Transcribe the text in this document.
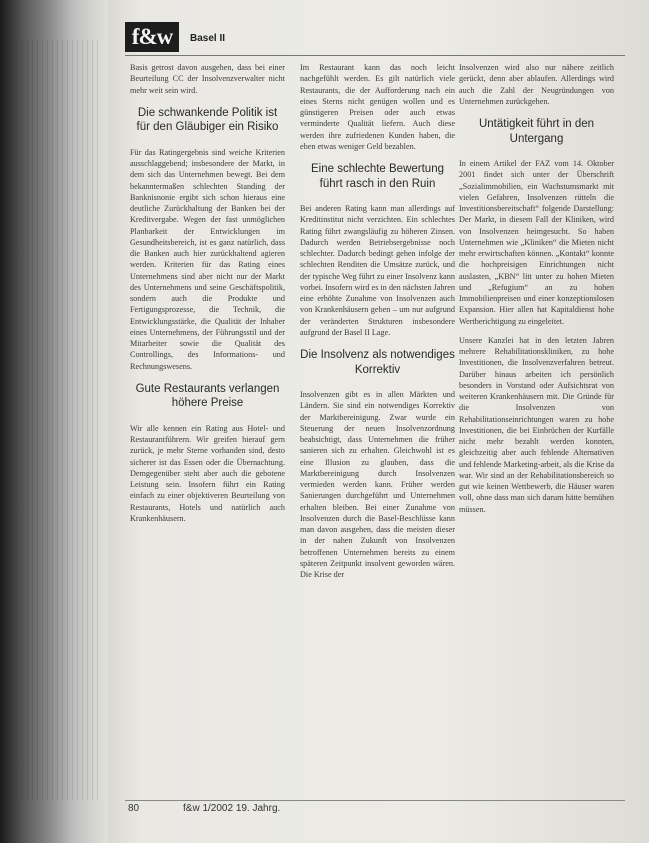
f&w	Basel II

Basis getrost davon ausgehen, dass bei einer Beurteilung CC der Insolvenzverwalter nicht mehr weit sein wird.

Die schwankende Politik ist für den Gläubiger ein Risiko

Für das Ratingergebnis sind weiche Kriterien ausschlaggebend; insbesondere der Markt, in dem sich das Unternehmen bewegt. Bei dem bekanntermaßen schlechten Standing der Banknisnonie ergibt sich schon hieraus eine deutliche Zurückhaltung der Banken bei der Kreditvergabe. Wegen der fast unmöglichen Planbarkeit der Entwicklungen im Gesundheitsbereich, ist es ganz natürlich, dass die Banken auch hier zurückhaltend agieren werden. Kriterien für das Rating eines Unternehmens sind aber nicht nur der Markt des Unternehmens und seine Geschäftspolitik, sondern auch die Produkte und Fertigungsprozesse, die Technik, die Entwicklungsstärke, die Qualität der Inhaber eines Unternehmens, der Führungsstil und der Mitarbeiter sowie die Qualität des Controllings, des Informations- und Rechnungswesens.

Gute Restaurants verlangen höhere Preise

Wir alle kennen ein Rating aus Hotel- und Restaurantführern. Wir greifen hierauf gern zurück, je mehr Sterne vorhanden sind, desto sicherer ist das Essen oder die Übernachtung. Demgegenüber steht aber auch die gebotene Leistung sein. Insofern führt ein Rating einfach zu einer objektiveren Beurteilung von Restaurants, Hotels und natürlich auch Krankenhäusern.

Im Restaurant kann das noch leicht nachgefühlt werden. Es gilt natürlich viele Restaurants, die der Aufforderung nach ein eines Sterns nicht genügen wollen und es günstigeren Preisen oder auch etwas verminderte Qualität liefern. Auch diese werden ihre zufriedenen Kunden haben, die eben etwas weniger Geld bezahlen.

Eine schlechte Bewertung führt rasch in den Ruin

Bei anderen Rating kann man allerdings auf Kreditinstitut nicht verzichten. Ein schlechtes Rating führt zwangsläufig zu höheren Zinsen. Dadurch werden Betriebsergebnisse noch schlechter. Dadurch bedingt gehen infolge der schlechten Renditen die Umsätze zurück, und der typische Weg führt zu einer Insolvenz kann vorbei. Insofern wird es in den nächsten Jahren eine erhöhte Zunahme von Insolvenzen auch von Krankenhäusern geben – um nur aufgrund der veränderten Strukturen insbesondere aufgrund der Basel II Lage.

Die Insolvenz als notwendiges Korrektiv

Insolvenzen gibt es in allen Märkten und Ländern. Sie sind ein notwendiges Korrektiv der Marktbereinigung. Zwar wurde ein Steuerung der neuen Insolvenzordnung beabsichtigt, dass Unternehmen die früher sanieren sich zu erhalten. Gleichwohl ist es eine Illusion zu glauben, dass die Marktbereinigung durch Insolvenzen vermieden werden kann. Früher werden Sanierungen durchgeführt und Unternehmen erhalten bleiben. Bei einer Zunahme von Insolvenzen durch die Basel-Beschlüsse kann man davon ausgehen, dass die meisten dieser in der nahen Zukunft von Insolvenzen betroffenen Unternehmen bereits zu einem späteren Zeitpunkt insolvent geworden wären. Die Krise der

Insolvenzen wird also nur nähere zeitlich gerückt, denn aber ablaufen. Allerdings wird auch die Zahl der Neugründungen von Unternehmen zurückgehen.

Untätigkeit führt in den Untergang

In einem Artikel der FAZ vom 14. Oktober 2001 findet sich unter der Überschrift „Sozialimmobilien, ein Wachstumsmarkt mit vielen Gefahren, Insolvenzen rütteln die Investitionsbereitschaft“ folgende Darstellung: Der Markt, in diesem Fall der Kliniken, wird von Insolvenzen heimgesucht. So haben Unternehmen wie „Kliniken“ die Mieten nicht mehr erwirtschaften können. „Kontakt“ konnte die hochpreisigen Einrichtungen nicht auslasten, „KBN“ litt unter zu hohen Mieten und „Refugium“ an zu hohen Immobilienpreisen und einer konzeptionslosen Expansion. Hier allen hat Kapitaldienst hohe Wertberichtigung zu eingeleitet.

Unsere Kanzlei hat in den letzten Jahren mehrere Rehabilitationskliniken, zu hohe Investitionen, die Insolvenzverfahren betreut. Darüber hinaus arbeiten ich persönlich besonders in Vorstand oder Aufsichtsrat von weiteren Krankenhäusern mit. Die Gründe für die Insolvenzen von Rehabilitationseinrichtungen waren zu hohe Investitionen, die bei Einbrüchen der Kurfälle nicht mehr bezahlt werden konnten, gleichzeitig aber auch fehlende Alternativen und fehlende Marketing-arbeit, als die Krise da war. Wir sind an der Rehabilitationsbereich so gut wie keinen Wettbewerb, die Häuser waren voll, ohne dass man sich darum hätte bemühen müssen.

80	f&w 1/2002 19. Jahrg.
